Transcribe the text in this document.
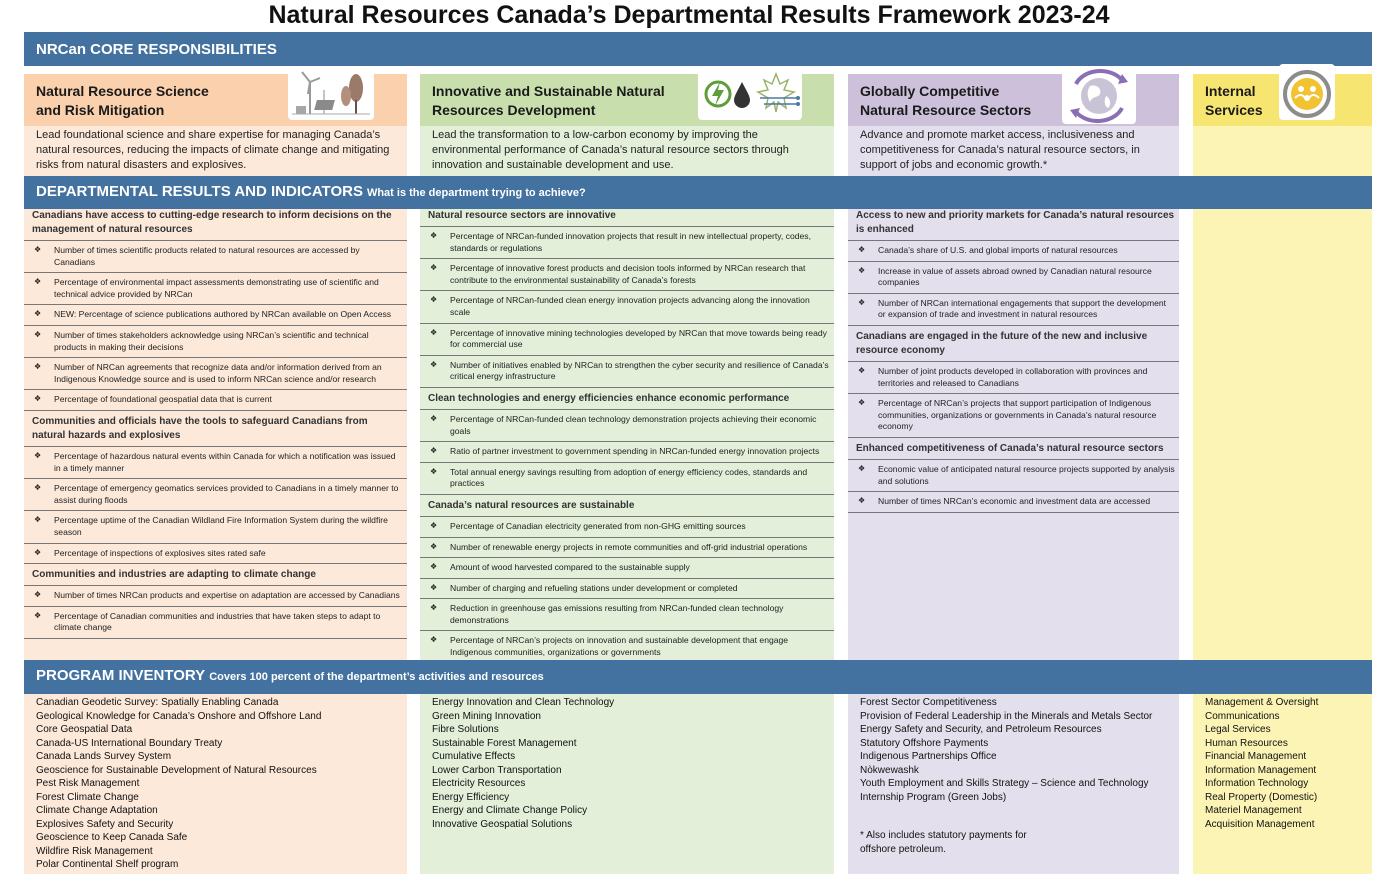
Natural Resources Canada’s Departmental Results Framework 2023-24
NRCan CORE RESPONSIBILITIES
Natural Resource Science and Risk Mitigation
Innovative and Sustainable Natural Resources Development
Globally Competitive Natural Resource Sectors
Internal Services
Lead foundational science and share expertise for managing Canada’s natural resources, reducing the impacts of climate change and mitigating risks from natural disasters and explosives.
Lead the transformation to a low-carbon economy by improving the environmental performance of Canada’s natural resource sectors through innovation and sustainable development and use.
Advance and promote market access, inclusiveness and competitiveness for Canada’s natural resource sectors, in support of jobs and economic growth.*
DEPARTMENTAL RESULTS AND INDICATORS What is the department trying to achieve?
Canadians have access to cutting-edge research to inform decisions on the management of natural resources
❖ Number of times scientific products related to natural resources are accessed by Canadians
❖ Percentage of environmental impact assessments demonstrating use of scientific and technical advice provided by NRCan
❖ NEW: Percentage of science publications authored by NRCan available on Open Access
❖ Number of times stakeholders acknowledge using NRCan’s scientific and technical products in making their decisions
❖ Number of NRCan agreements that recognize data and/or information derived from an Indigenous Knowledge source and is used to inform NRCan science and/or research
❖ Percentage of foundational geospatial data that is current
Communities and officials have the tools to safeguard Canadians from natural hazards and explosives
❖ Percentage of hazardous natural events within Canada for which a notification was issued in a timely manner
❖ Percentage of emergency geomatics services provided to Canadians in a timely manner to assist during floods
❖ Percentage uptime of the Canadian Wildland Fire Information System during the wildfire season
❖ Percentage of inspections of explosives sites rated safe
Communities and industries are adapting to climate change
❖ Number of times NRCan products and expertise on adaptation are accessed by Canadians
❖ Percentage of Canadian communities and industries that have taken steps to adapt to climate change
Natural resource sectors are innovative
❖ Percentage of NRCan-funded innovation projects that result in new intellectual property, codes, standards or regulations
❖ Percentage of innovative forest products and decision tools informed by NRCan research that contribute to the environmental sustainability of Canada’s forests
❖ Percentage of NRCan-funded clean energy innovation projects advancing along the innovation scale
❖ Percentage of innovative mining technologies developed by NRCan that move towards being ready for commercial use
❖ Number of initiatives enabled by NRCan to strengthen the cyber security and resilience of Canada’s critical energy infrastructure
Clean technologies and energy efficiencies enhance economic performance
❖ Percentage of NRCan-funded clean technology demonstration projects achieving their economic goals
❖ Ratio of partner investment to government spending in NRCan-funded energy innovation projects
❖ Total annual energy savings resulting from adoption of energy efficiency codes, standards and practices
Canada’s natural resources are sustainable
❖ Percentage of Canadian electricity generated from non-GHG emitting sources
❖ Number of renewable energy projects in remote communities and off-grid industrial operations
❖ Amount of wood harvested compared to the sustainable supply
❖ Number of charging and refueling stations under development or completed
❖ Reduction in greenhouse gas emissions resulting from NRCan-funded clean technology demonstrations
❖ Percentage of NRCan’s projects on innovation and sustainable development that engage Indigenous communities, organizations or governments
Access to new and priority markets for Canada’s natural resources is enhanced
❖ Canada’s share of U.S. and global imports of natural resources
❖ Increase in value of assets abroad owned by Canadian natural resource companies
❖ Number of NRCan international engagements that support the development or expansion of trade and investment in natural resources
Canadians are engaged in the future of the new and inclusive resource economy
❖ Number of joint products developed in collaboration with provinces and territories and released to Canadians
❖ Percentage of NRCan’s projects that support participation of Indigenous communities, organizations or governments in Canada’s natural resource economy
Enhanced competitiveness of Canada’s natural resource sectors
❖ Economic value of anticipated natural resource projects supported by analysis and solutions
❖ Number of times NRCan’s economic and investment data are accessed
PROGRAM INVENTORY Covers 100 percent of the department’s activities and resources
Canadian Geodetic Survey: Spatially Enabling Canada
Geological Knowledge for Canada’s Onshore and Offshore Land
Core Geospatial Data
Canada-US International Boundary Treaty
Canada Lands Survey System
Geoscience for Sustainable Development of Natural Resources
Pest Risk Management
Forest Climate Change
Climate Change Adaptation
Explosives Safety and Security
Geoscience to Keep Canada Safe
Wildfire Risk Management
Polar Continental Shelf program
Energy Innovation and Clean Technology
Green Mining Innovation
Fibre Solutions
Sustainable Forest Management
Cumulative Effects
Lower Carbon Transportation
Electricity Resources
Energy Efficiency
Energy and Climate Change Policy
Innovative Geospatial Solutions
Forest Sector Competitiveness
Provision of Federal Leadership in the Minerals and Metals Sector
Energy Safety and Security, and Petroleum Resources
Statutory Offshore Payments
Indigenous Partnerships Office
Nòkwewashk
Youth Employment and Skills Strategy – Science and Technology Internship Program (Green Jobs)
Management & Oversight
Communications
Legal Services
Human Resources
Financial Management
Information Management
Information Technology
Real Property (Domestic)
Materiel Management
Acquisition Management
* Also includes statutory payments for offshore petroleum.
